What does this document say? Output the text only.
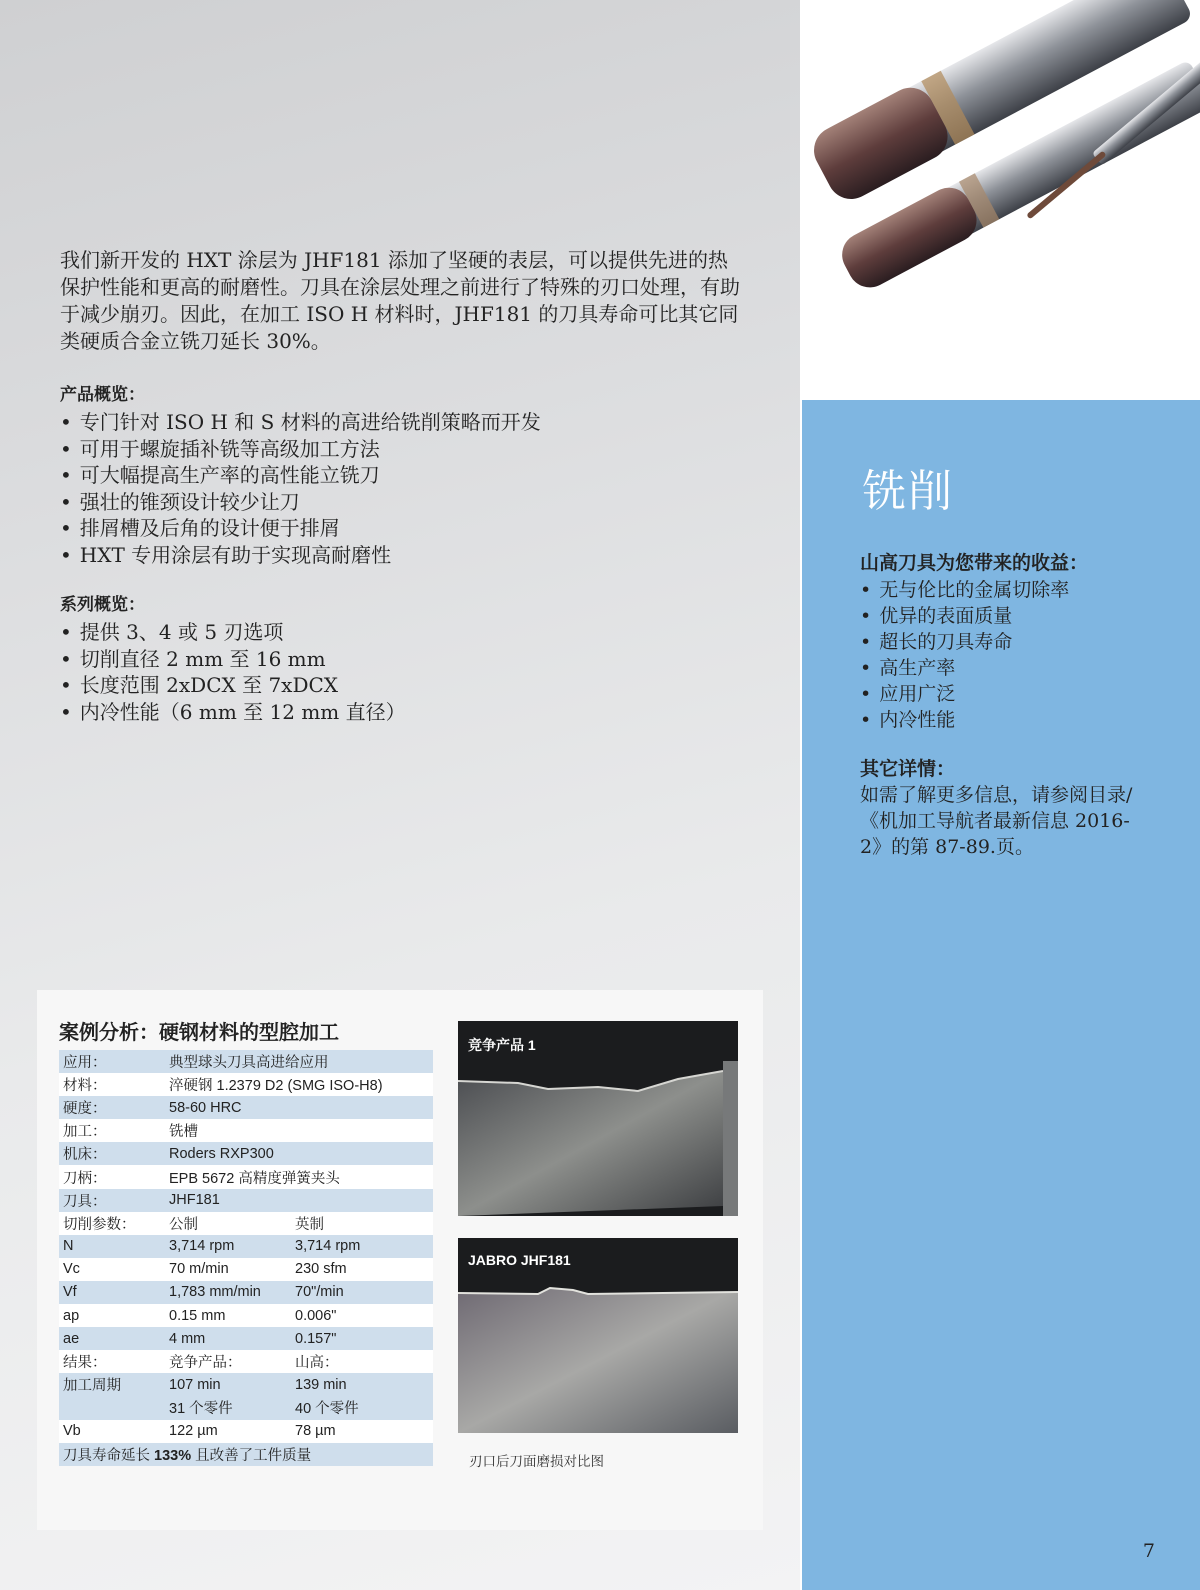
我们新开发的 HXT 涂层为 JHF181 添加了坚硬的表层，可以提供先进的热保护性能和更高的耐磨性。刀具在涂层处理之前进行了特殊的刃口处理，有助于减少崩刃。因此，在加工 ISO H 材料时，JHF181 的刀具寿命可比其它同类硬质合金立铣刀延长 30%。

产品概览：
• 专门针对 ISO H 和 S 材料的高进给铣削策略而开发
• 可用于螺旋插补铣等高级加工方法
• 可大幅提高生产率的高性能立铣刀
• 强壮的锥颈设计较少让刀
• 排屑槽及后角的设计便于排屑
• HXT 专用涂层有助于实现高耐磨性
系列概览：
• 提供 3、4 或 5 刃选项
• 切削直径 2 mm 至 16 mm
• 长度范围 2xDCX 至 7xDCX
• 内冷性能（6 mm 至 12 mm 直径）
铣削
山高刀具为您带来的收益：
• 无与伦比的金属切除率
• 优异的表面质量
• 超长的刀具寿命
• 高生产率
• 应用广泛
• 内冷性能
其它详情：
如需了解更多信息，请参阅目录/《机加工导航者最新信息 2016-2》的第 87-89.页。
案例分析：硬钢材料的型腔加工
应用：	典型球头刀具高进给应用	
材料：	淬硬钢 1.2379 D2 (SMG ISO-H8)	
硬度：	58-60 HRC	
加工：	铣槽	
机床：	Roders RXP300	
刀柄：	EPB 5672 高精度弹簧夹头	
刀具：	JHF181	
切削参数：	公制	英制
N	3,714 rpm	3,714 rpm
Vc	70 m/min	230 sfm
Vf	1,783 mm/min	70"/min
ap	0.15 mm	0.006"
ae	4 mm	0.157"
结果：	竞争产品：	山高：
加工周期	107 min	139 min
	31 个零件	40 个零件
Vb	122 µm	78 µm
刀具寿命延长 133% 且改善了工件质量		
竞争产品 1
JABRO JHF181
刃口后刀面磨损对比图
7
